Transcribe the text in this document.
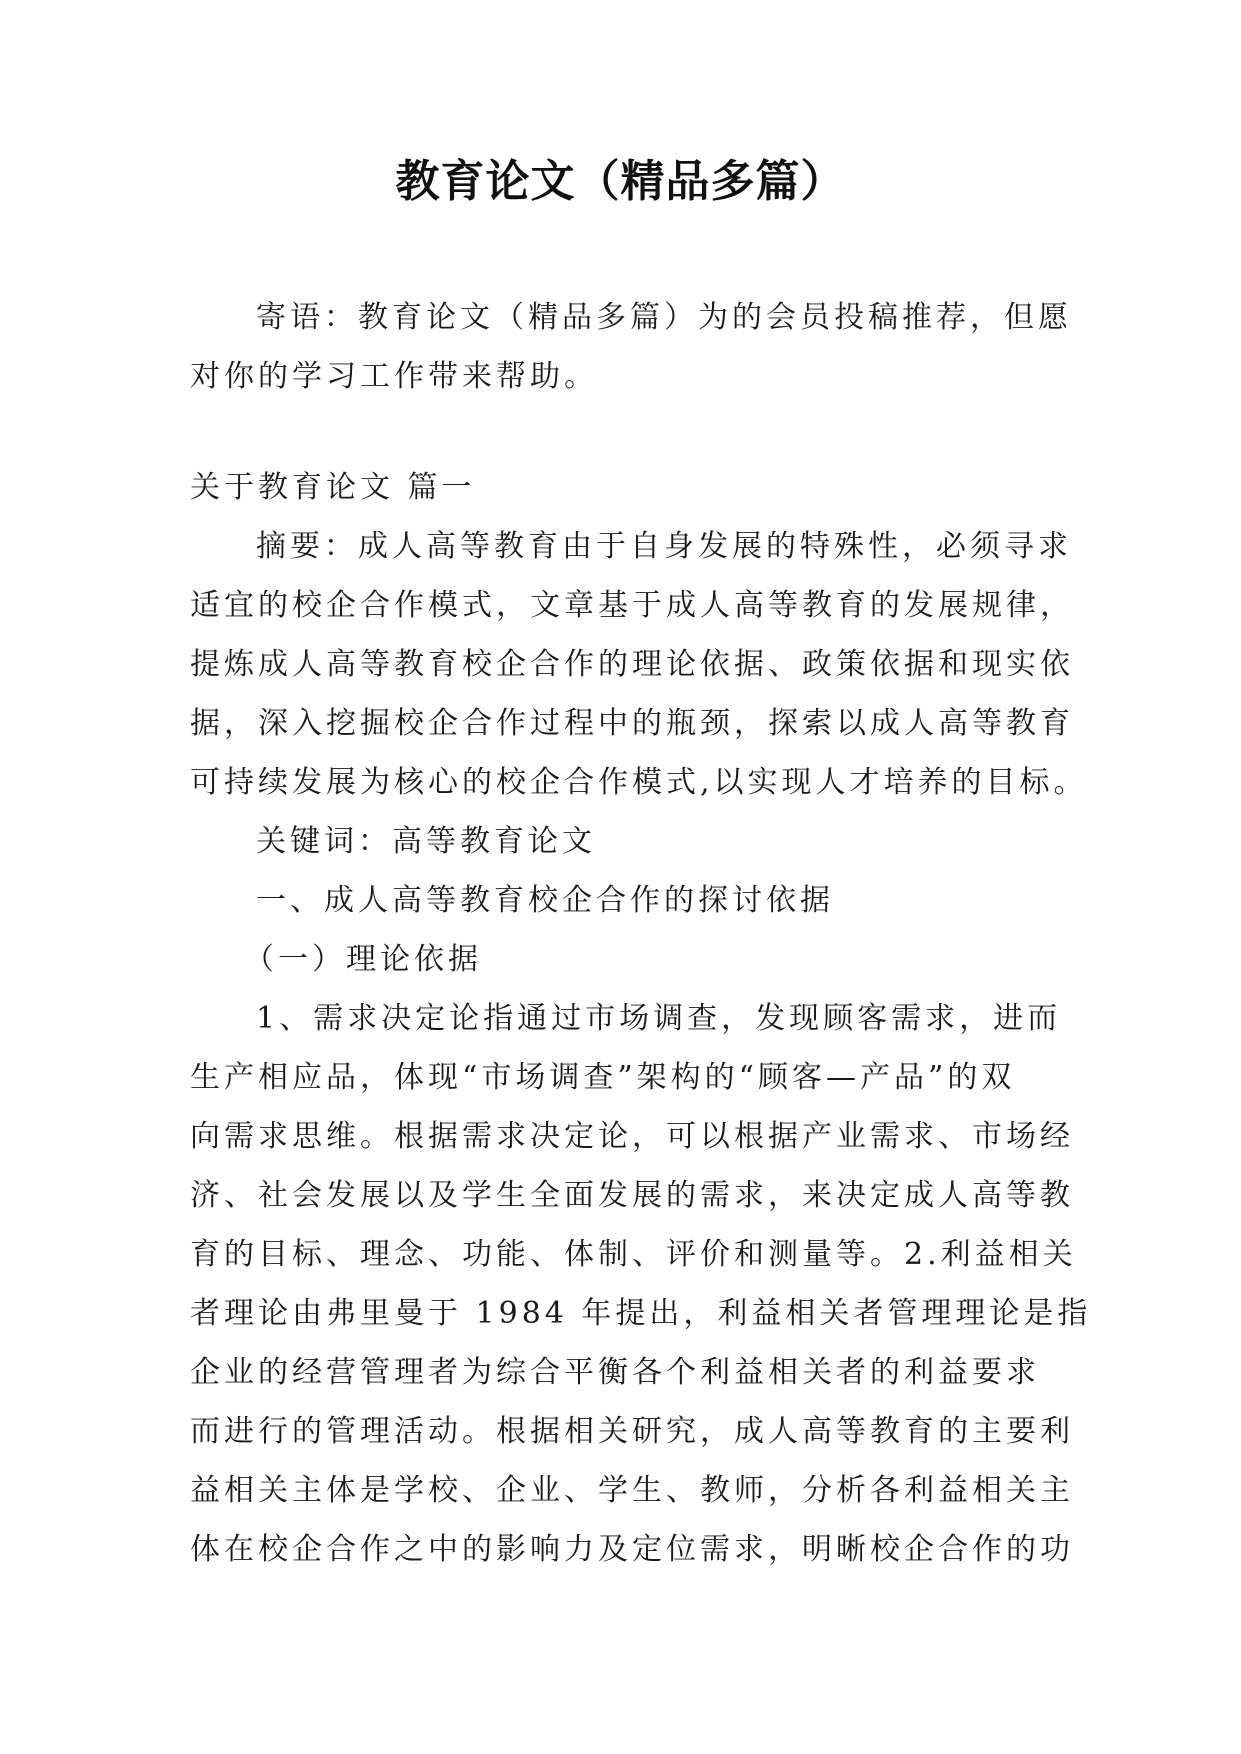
教育论文（精品多篇）
寄语：教育论文（精品多篇）为的会员投稿推荐，但愿
对你的学习工作带来帮助。
关于教育论文 篇一
摘要：成人高等教育由于自身发展的特殊性，必须寻求
适宜的校企合作模式，文章基于成人高等教育的发展规律，
提炼成人高等教育校企合作的理论依据、政策依据和现实依
据，深入挖掘校企合作过程中的瓶颈，探索以成人高等教育
可持续发展为核心的校企合作模式,以实现人才培养的目标。
关键词：高等教育论文
一、成人高等教育校企合作的探讨依据
（一）理论依据
1、需求决定论指通过市场调查，发现顾客需求，进而
生产相应品，体现“市场调查”架构的“顾客—产品”的双
向需求思维。根据需求决定论，可以根据产业需求、市场经
济、社会发展以及学生全面发展的需求，来决定成人高等教
育的目标、理念、功能、体制、评价和测量等。2.利益相关
者理论由弗里曼于 1984 年提出，利益相关者管理理论是指
企业的经营管理者为综合平衡各个利益相关者的利益要求
而进行的管理活动。根据相关研究，成人高等教育的主要利
益相关主体是学校、企业、学生、教师，分析各利益相关主
体在校企合作之中的影响力及定位需求，明晰校企合作的功
